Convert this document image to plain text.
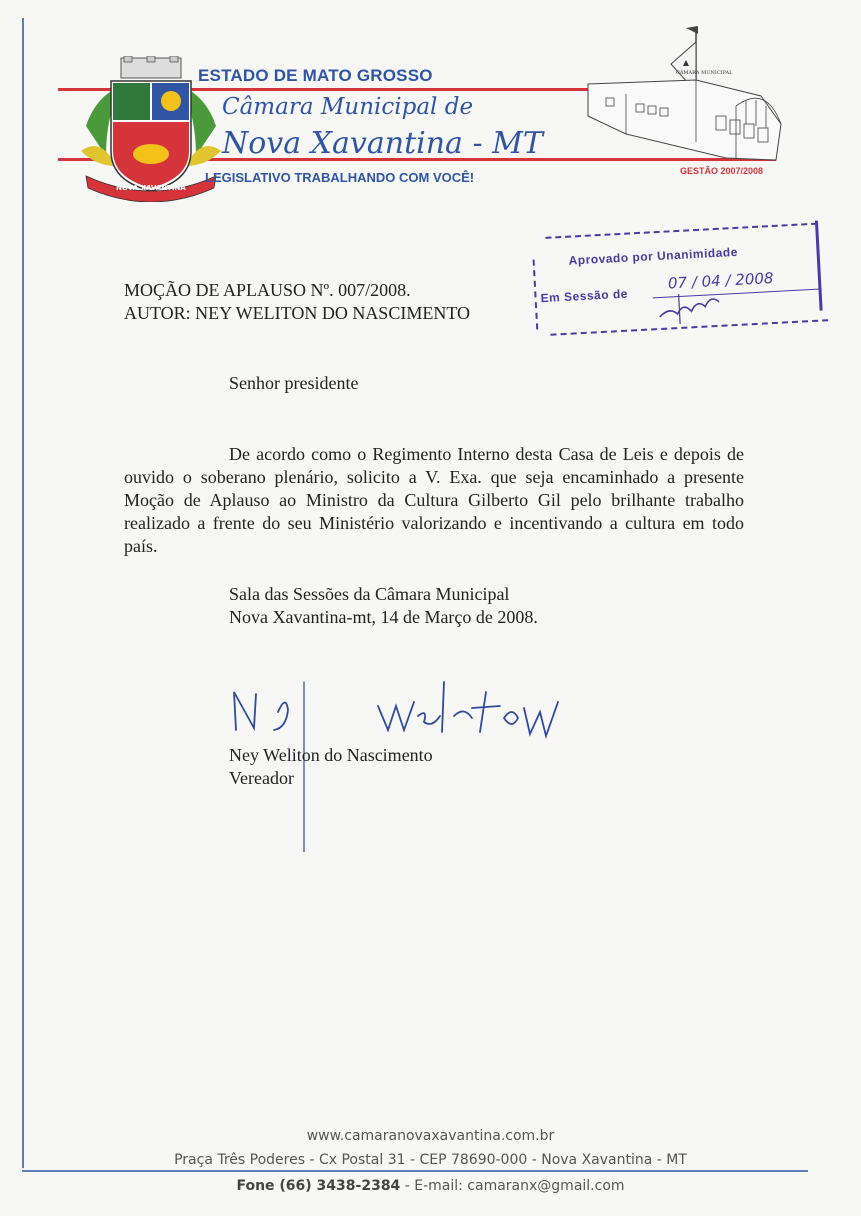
NOVA XAVANTINA
ESTADO DE MATO GROSSO
Câmara Municipal de
Nova Xavantina - MT
LEGISLATIVO TRABALHANDO COM VOCÊ!	GESTÃO 2007/2008
CÂMARA MUNICIPAL
Aprovado por Unanimidade
Em Sessão de
07 / 04 / 2008
MOÇÃO DE APLAUSO Nº. 007/2008.
AUTOR: NEY WELITON DO NASCIMENTO
Senhor presidente

De acordo como o Regimento Interno desta Casa de Leis e depois de ouvido o soberano plenário, solicito a V. Exa. que seja encaminhado a presente Moção de Aplauso ao Ministro da Cultura Gilberto Gil pelo brilhante trabalho realizado a frente do seu Ministério valorizando e incentivando a cultura em todo país.

Sala das Sessões da Câmara Municipal
Nova Xavantina-mt, 14 de Março de 2008.
Ney Weliton do Nascimento
Vereador
www.camaranovaxavantina.com.br
Praça Três Poderes - Cx Postal 31 - CEP 78690-000 - Nova Xavantina - MT
Fone (66) 3438-2384 - E-mail: camaranx@gmail.com
